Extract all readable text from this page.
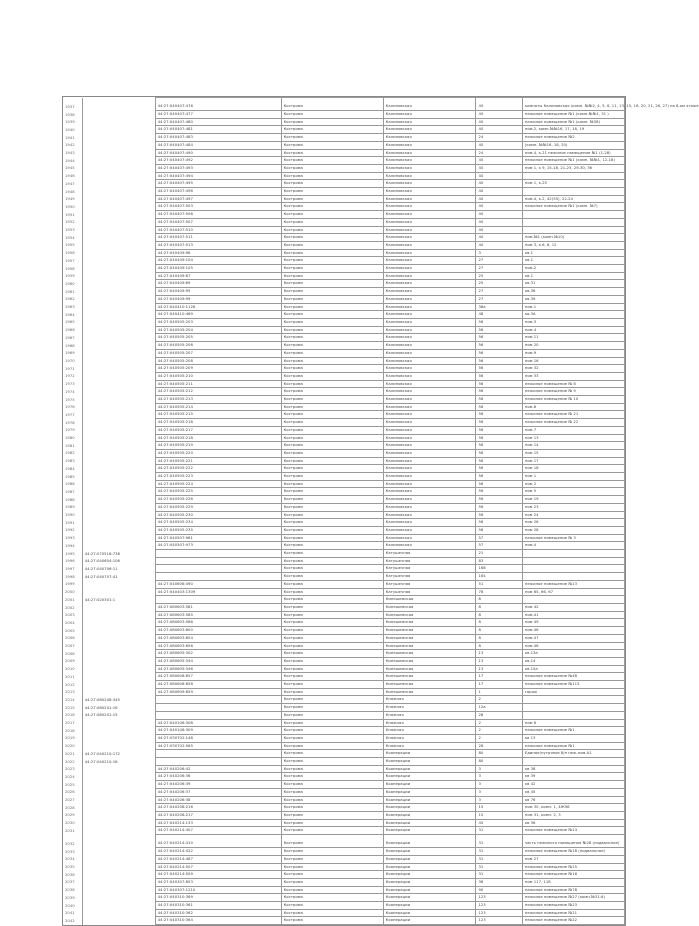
1937		44:27:040407:476	Кострома	Калиновская	40	комнаты Калиновская (комн. №№2, 4, 5, 6, 11, 13, 15, 16, 20, 21, 26, 27) на 6-ом этаже
1938		44:27:040407:477	Кострома	Калиновская	40	нежилое помещение №1 (комн.№№1, 31 )
1939		44:27:040407:480	Кострома	Калиновская	40	нежилое помещение №1 (комн. №38)
1940		44:27:040407:481	Кострома	Калиновская	40	пом.2, комн.№№16, 17, 18, 19
1941		44:27:040407:483	Кострома	Калиновская	24	нежилое помещение №2
1942		44:27:040407:484	Кострома	Калиновская	40	(комн. №№16, 18, 20)
1943		44:27:040407:490	Кострома	Калиновская	24	пом.4, к.21 нежилое помещение №1 (1-28)
1944		44:27:040407:492	Кострома	Калиновская	40	нежилое помещение №1 (комн. №№1, 12-18)
1945		44:27:040407:493	Кострома	Калиновская	40	пом 1, к 9, 15-18, 21-25, 29-30, 36
1946		44:27:040407:494	Кострома	Калиновская	40	
1947		44:27:040407:495	Кострома	Калиновская	40	пом 1, к.25
1948		44:27:040407:496	Кострома	Калиновская	40	
1949		44:27:040407:497	Кострома	Калиновская	40	пом.4, к.2, 42(55), 22-24
1950		44:27:040407:503	Кострома	Калиновская	40	нежилое помещение №1 (комн. №7)
1951		44:27:040407:506	Кострома	Калиновская	40	
1952		44:27:040407:507	Кострома	Калиновская	40	
1953		44:27:040407:510	Кострома	Калиновская	40	
1954		44:27:040407:511	Кострома	Калиновская	40	пом.№1 (комн.№10)
1955		44:27:040407:513	Кострома	Калиновская	40	пом 3, к.6, 8, 12
1956		44:27:040409:98	Кострома	Калиновская	3	кв.1
1957		44:27:040409:104	Кострома	Калиновская	27	кв.1
1958		44:27:040409:105	Кострома	Калиновская	27	пом.2
1959		44:27:040409:67	Кострома	Калиновская	25	кв.1
1960		44:27:040409:69	Кострома	Калиновская	25	кв.31
1961		44:27:040409:95	Кострома	Калиновская	27	кв.36
1962		44:27:040409:99	Кострома	Калиновская	27	кв.39
1963		44:27:040410:1126	Кострома	Калиновская	38а	пом.1
1964		44:27:040410:469	Кострома	Калиновская	48	кв.3А
1965		44:27:040505:203	Кострома	Калиновская	56	пом.3
1966		44:27:040505:204	Кострома	Калиновская	56	пом.4
1967		44:27:040505:205	Кострома	Калиновская	56	пом 11
1968		44:27:040505:206	Кострома	Калиновская	56	пом 20
1969		44:27:040505:207	Кострома	Калиновская	56	пом.9
1970		44:27:040505:208	Кострома	Калиновская	56	пом 16
1971		44:27:040505:209	Кострома	Калиновская	56	пом 32
1972		44:27:040505:210	Кострома	Калиновская	56	пом 33
1973		44:27:040505:211	Кострома	Калиновская	56	нежилое помещение № 8
1974		44:27:040505:212	Кострома	Калиновская	56	нежилое помещение № 9
1975		44:27:040505:213	Кострома	Калиновская	56	нежилое помещение № 10
1976		44:27:040505:214	Кострома	Калиновская	56	пом.6
1977		44:27:040505:215	Кострома	Калиновская	56	нежилое помещение № 21
1978		44:27:040505:216	Кострома	Калиновская	56	нежилое помещение № 22
1979		44:27:040505:217	Кострома	Калиновская	56	пом 7
1980		44:27:040505:218	Кострома	Калиновская	56	пом 13
1981		44:27:040505:219	Кострома	Калиновская	56	пом 14
1982		44:27:040505:220	Кострома	Калиновская	56	пом 15
1983		44:27:040505:221	Кострома	Калиновская	56	пом 17
1984		44:27:040505:222	Кострома	Калиновская	56	пом 18
1985		44:27:040505:223	Кострома	Калиновская	56	пом 1
1986		44:27:040505:224	Кострома	Калиновская	56	пом 2
1987		44:27:040505:225	Кострома	Калиновская	56	пом 5
1988		44:27:040505:226	Кострома	Калиновская	56	пом 19
1989		44:27:040505:229	Кострома	Калиновская	56	пом 23
1990		44:27:040505:230	Кострома	Калиновская	56	пом 24
1991		44:27:040505:234	Кострома	Калиновская	56	пом 26
1992		44:27:040505:235	Кострома	Калиновская	56	пом 28
1993		44:27:040507:961	Кострома	Калиновская	57	нежилое помещение № 3
1994		44:27:040507:973	Кострома	Калиновская	57	пом.4
1995	44:27:070516:738		Кострома	Катушечная	21	
1996	44:27:040604:106		Кострома	Катушечная	83	
1997	44:27:040706:11		Кострома	Катушечная	168	
1998	44:27:040707:41		Кострома	Катушечная	164	
1999		44:27:040606:490	Кострома	Катушечная	51	нежилое помещение №13
2000		44:27:040403:1309	Кострома	Катушечная	78	пом 65, 66, 67
2001	44:27:020301:1		Кострома	Кинешемская	8	
2002		44:27:080603:581	Кострома	Кинешемская	8	пом 42
2003		44:27:080603:585	Кострома	Кинешемская	8	пом.41
2004		44:27:080603:586	Кострома	Кинешемская	8	пом 49
2005		44:27:080603:600	Кострома	Кинешемская	8	пом.46
2006		44:27:080603:654	Кострома	Кинешемская	8	пом.47
2007		44:27:080603:656	Кострома	Кинешемская	8	пом.48
2008		44:27:080605:302	Кострома	Кинешемская	13	кв.13а
2009		44:27:080605:344	Кострома	Кинешемская	13	кв.14
2010		44:27:080605:346	Кострома	Кинешемская	13	кв.15а
2011		44:27:080608:857	Кострома	Кинешемская	17	нежилое помещение №48
2012		44:27:080608:858	Кострома	Кинешемская	17	нежилое помещение №113
2013		44:27:080609:859	Кострома	Кинешемская	1	гараж
2014	44:27:080208:345		Кострома	Княжная	2	
2015	44:27:080201:16		Кострома	Княжная	12а	
2016	44:27:080201:15		Кострома	Княжная	28	
2017		44:27:040106:308	Кострома	Княжная	2	пом 6
2018		44:27:040106:309	Кострома	Княжная	2	нежилое помещение №1
2019		44:27:030702:148	Кострома	Княжная	2	кв 13
2020		44:27:030702:565	Кострома	Княжная	28	нежилое помещение №1
2021	44:27:040210:172		Кострома	Кооперации	80	Единое(нутряное б/н неж.пом.А1
2022	44:27:040210:18		Кострома	Кооперации	80	
2023		44:27:040206:42	Кострома	Кооперации	3	кв 38
2024		44:27:040206:36	Кострома	Кооперации	3	кв 39
2025		44:27:040206:39	Кострома	Кооперации	3	кв 42
2026		44:27:040206:37	Кострома	Кооперации	3	кв 45
2027		44:27:040206:38	Кострома	Кооперации	3	кв 76
2028		44:27:040208:216	Кострома	Кооперации	15	пом 30, комн. 1, 4Ж98
2029		44:27:040208:217	Кострома	Кооперации	15	пом 31, комн. 2, 3
2030		44:27:040214:133	Кострома	Кооперации	45	кв 36
2031		44:27:040214:407	Кострома	Кооперации	31	нежилое помещение №14
2032		44:27:040214:410	Кострома	Кооперации	31	часть нежилого помещения №28 (подвальное)
2033		44:27:040214:432	Кострома	Кооперации	31	нежилое помещение №18 (подвальное)
2034		44:27:040214:487	Кострома	Кооперации	31	пом 27
2035		44:27:040214:507	Кострома	Кооперации	31	нежилое помещение №15
2036		44:27:040214:509	Кострома	Кооперации	31	нежилое помещение №16
2037		44:27:040307:853	Кострома	Кооперации	38	пом 117, 118
2038		44:27:040307:1210	Кострома	Кооперации	90	нежилое помещение №78
2039		44:27:040310:369	Кострома	Кооперации	123	нежилое помещение №27 (комн.№31-6)
2040		44:27:040310:361	Кострома	Кооперации	123	нежилое помещение №23
2041		44:27:040310:362	Кострома	Кооперации	123	нежилое помещение №21
2042		44:27:040310:364	Кострома	Кооперации	123	нежилое помещение №22
